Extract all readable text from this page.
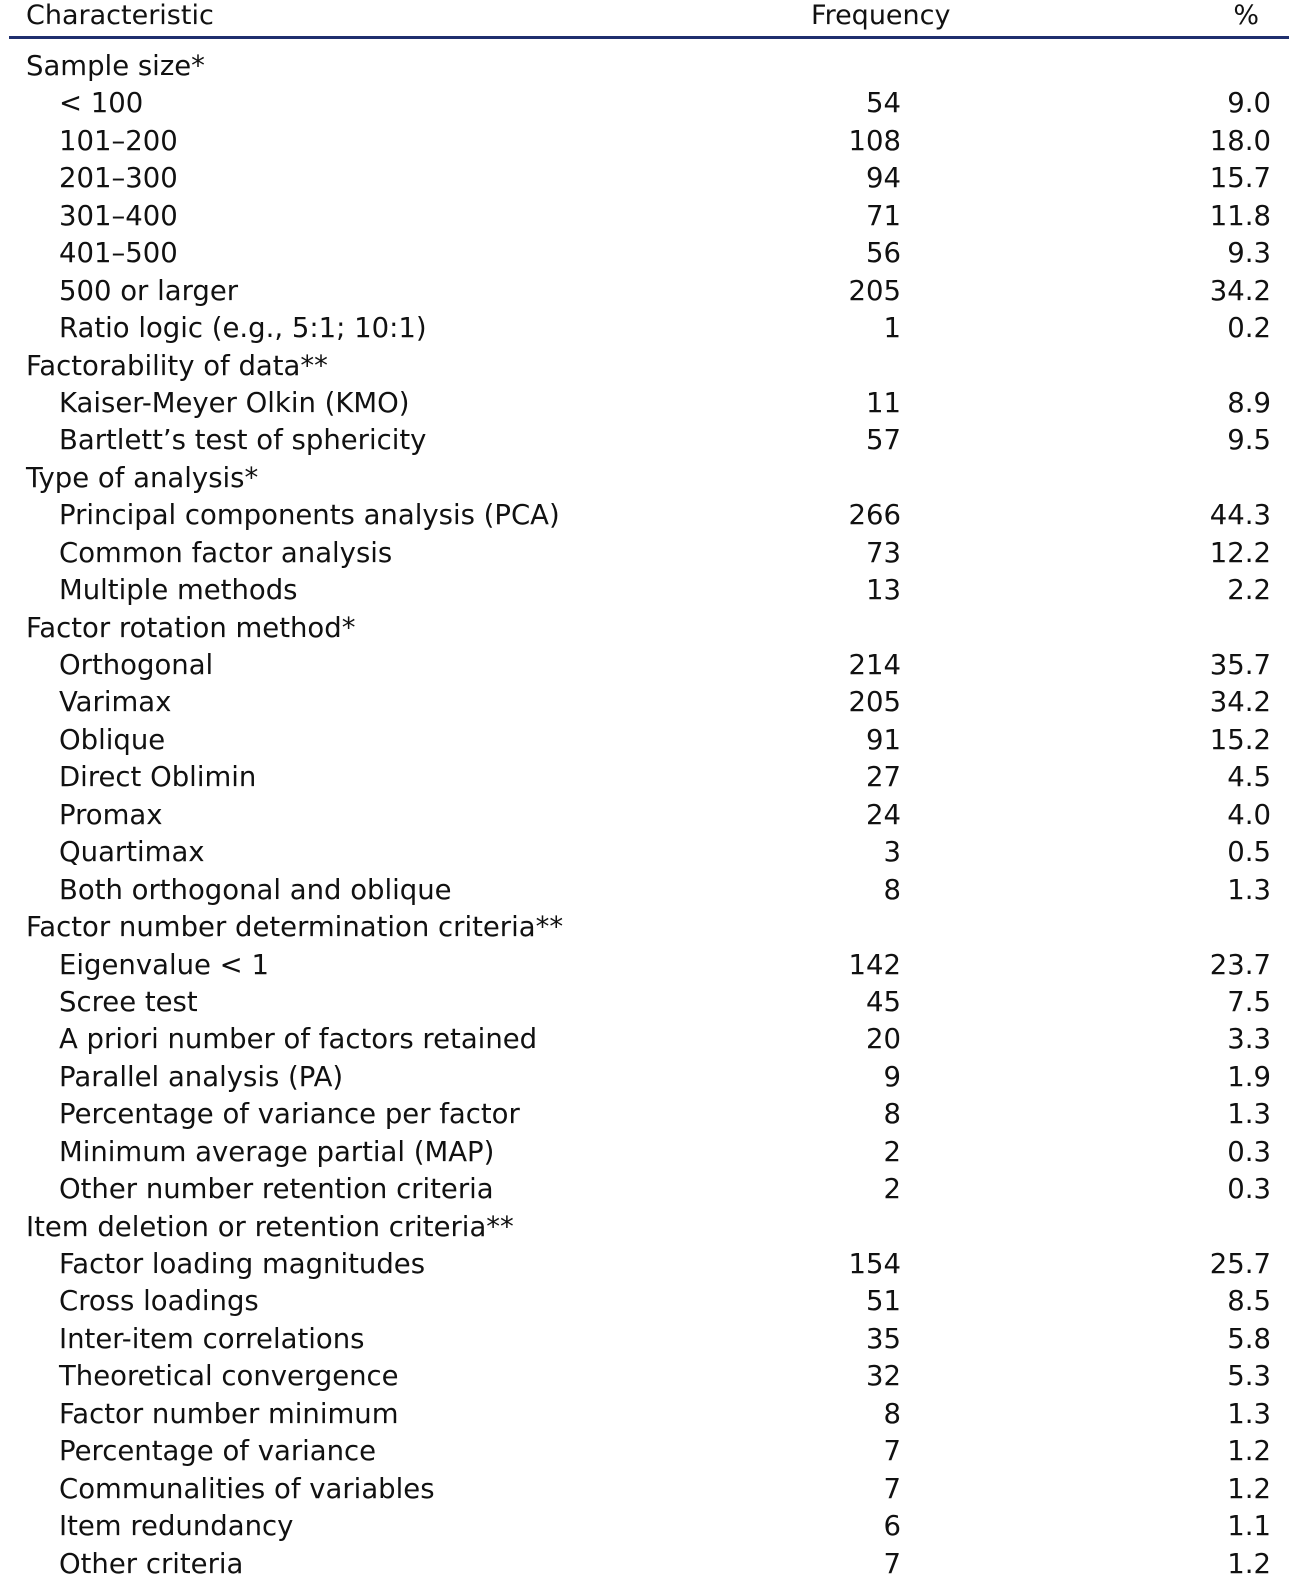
Characteristic	Frequency	%
Sample size*
< 100	54	9.0
101–200	108	18.0
201–300	94	15.7
301–400	71	11.8
401–500	56	9.3
500 or larger	205	34.2
Ratio logic (e.g., 5:1; 10:1)	1	0.2
Factorability of data**
Kaiser-Meyer Olkin (KMO)	11	8.9
Bartlett’s test of sphericity	57	9.5
Type of analysis*
Principal components analysis (PCA)	266	44.3
Common factor analysis	73	12.2
Multiple methods	13	2.2
Factor rotation method*
Orthogonal	214	35.7
Varimax	205	34.2
Oblique	91	15.2
Direct Oblimin	27	4.5
Promax	24	4.0
Quartimax	3	0.5
Both orthogonal and oblique	8	1.3
Factor number determination criteria**
Eigenvalue < 1	142	23.7
Scree test	45	7.5
A priori number of factors retained	20	3.3
Parallel analysis (PA)	9	1.9
Percentage of variance per factor	8	1.3
Minimum average partial (MAP)	2	0.3
Other number retention criteria	2	0.3
Item deletion or retention criteria**
Factor loading magnitudes	154	25.7
Cross loadings	51	8.5
Inter-item correlations	35	5.8
Theoretical convergence	32	5.3
Factor number minimum	8	1.3
Percentage of variance	7	1.2
Communalities of variables	7	1.2
Item redundancy	6	1.1
Other criteria	7	1.2
